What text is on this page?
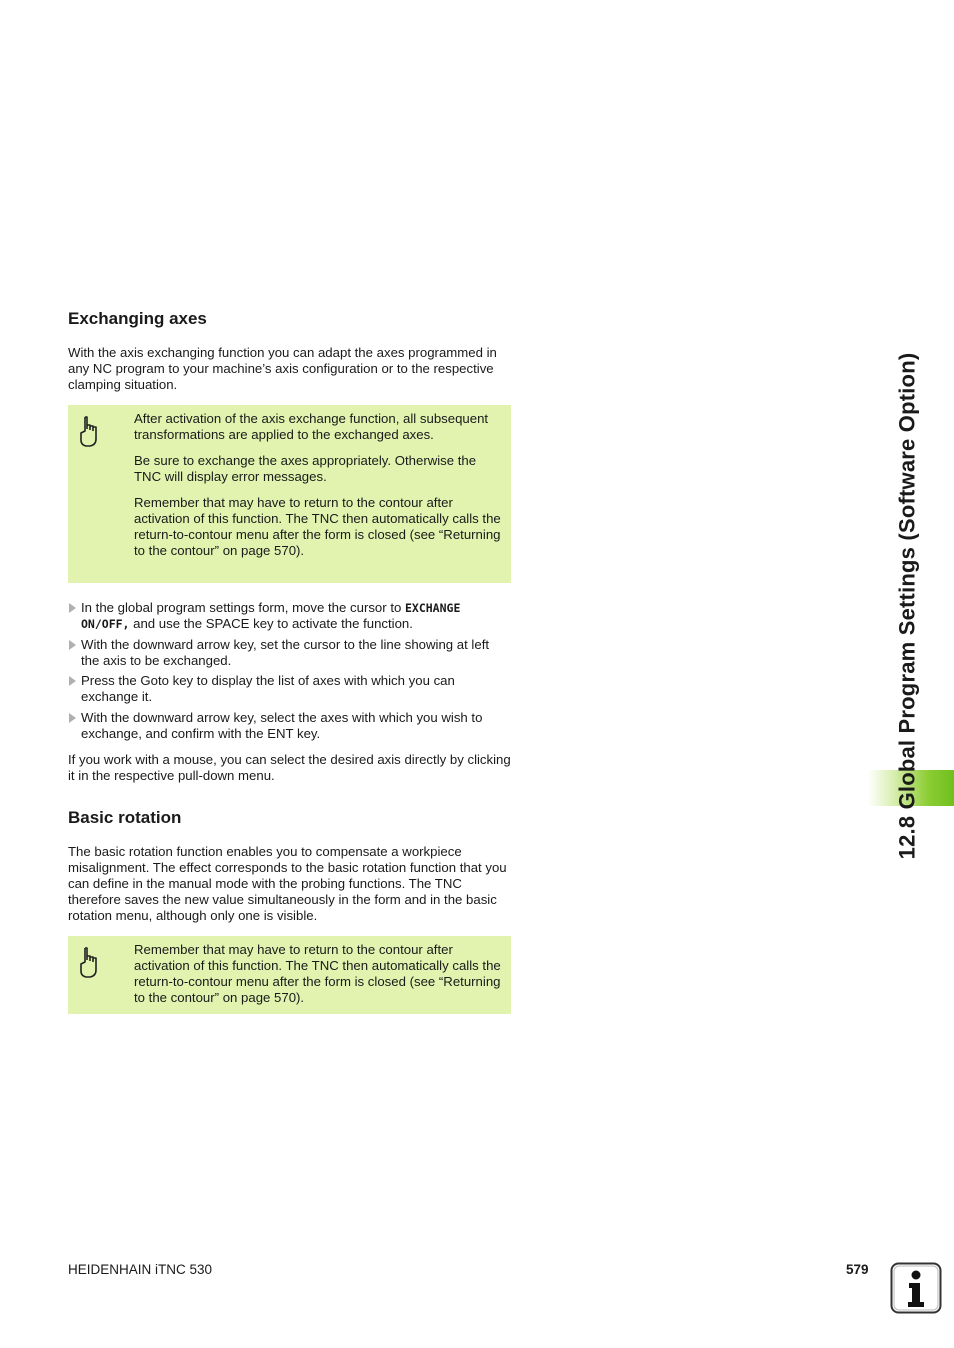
Exchanging axes

With the axis exchanging function you can adapt the axes programmed in any NC program to your machine’s axis configuration or to the respective clamping situation.

After activation of the axis exchange function, all subsequent transformations are applied to the exchanged axes.

Be sure to exchange the axes appropriately. Otherwise the TNC will display error messages.

Remember that may have to return to the contour after activation of this function. The TNC then automatically calls the return-to-contour menu after the form is closed (see “Returning to the contour” on page 570).

In the global program settings form, move the cursor to EXCHANGE ON/OFF, and use the SPACE key to activate the function.
With the downward arrow key, set the cursor to the line showing at left the axis to be exchanged.
Press the Goto key to display the list of axes with which you can exchange it.
With the downward arrow key, select the axes with which you wish to exchange, and confirm with the ENT key.

If you work with a mouse, you can select the desired axis directly by clicking it in the respective pull-down menu.

Basic rotation

The basic rotation function enables you to compensate a workpiece misalignment. The effect corresponds to the basic rotation function that you can define in the manual mode with the probing functions. The TNC therefore saves the new value simultaneously in the form and in the basic rotation menu, although only one is visible.

Remember that may have to return to the contour after activation of this function. The TNC then automatically calls the return-to-contour menu after the form is closed (see “Returning to the contour” on page 570).

12.8 Global Program Settings (Software Option)
HEIDENHAIN iTNC 530	579
